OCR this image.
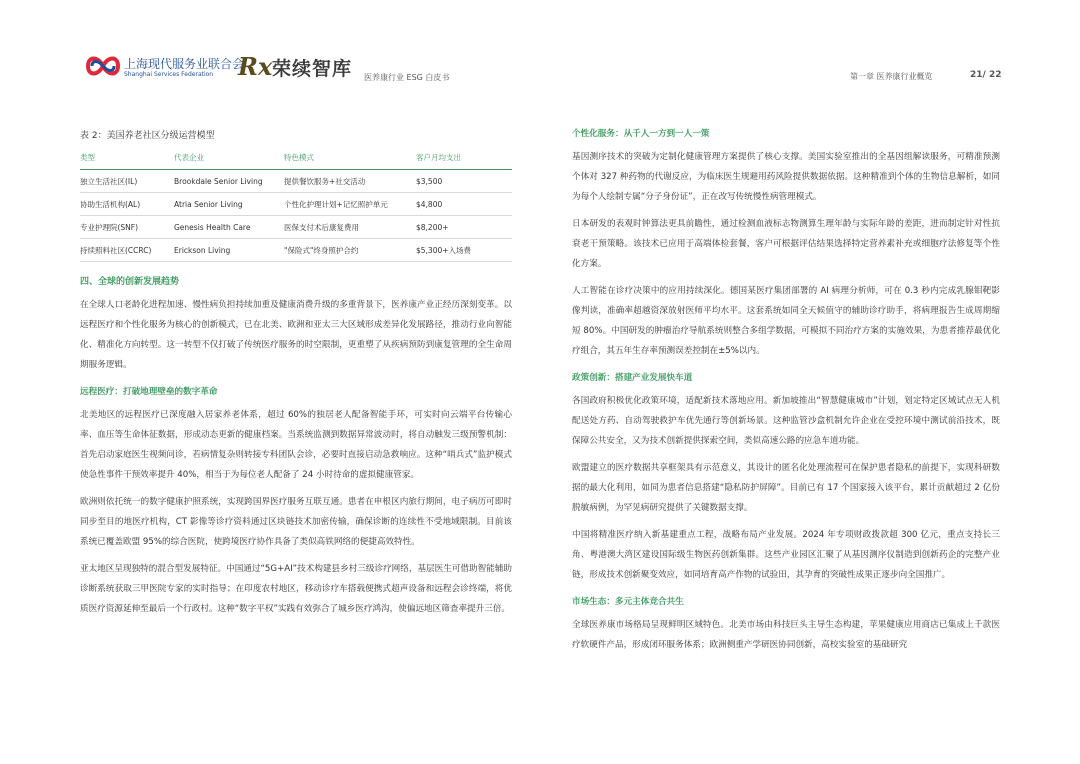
上海现代服务业联合会
Shanghai Services Federation Rx 荣续智库 医养康行业 ESG 白皮书	第一章 医养康行业概览	21/ 22
表 2：美国养老社区分级运营模型
类型	代表企业	特色模式	客户月均支出
独立生活社区(IL)	Brookdale Senior Living	提供餐饮服务+社交活动	$3,500
协助生活机构(AL)	Atria Senior Living	个性化护理计划+记忆照护单元	$4,800
专业护理院(SNF)	Genesis Health Care	医保支付术后康复费用	$8,200+
持续照料社区(CCRC)	Erickson Living	"保险式"终身照护合约	$5,300+入场费
四、全球的创新发展趋势

在全球人口老龄化进程加速、慢性病负担持续加重及健康消费升级的多重背景下，医养康产业正经历深刻变革。以远程医疗和个性化服务为核心的创新模式，已在北美、欧洲和亚太三大区域形成差异化发展路径，推动行业向智能化、精准化方向转型。这一转型不仅打破了传统医疗服务的时空限制，更重塑了从疾病预防到康复管理的全生命周期服务逻辑。

远程医疗：打破地理壁垒的数字革命

北美地区的远程医疗已深度融入居家养老体系，超过 60%的独居老人配备智能手环，可实时向云端平台传输心率、血压等生命体征数据，形成动态更新的健康档案。当系统监测到数据异常波动时，将自动触发三级预警机制：首先启动家庭医生视频问诊，若病情复杂则转接专科团队会诊，必要时直接启动急救响应。这种“哨兵式”监护模式使急性事件干预效率提升 40%，相当于为每位老人配备了 24 小时待命的虚拟健康管家。

欧洲则依托统一的数字健康护照系统，实现跨国界医疗服务互联互通。患者在申根区内旅行期间，电子病历可即时同步至目的地医疗机构，CT 影像等诊疗资料通过区块链技术加密传输，确保诊断的连续性不受地域限制。目前该系统已覆盖欧盟 95%的综合医院，使跨境医疗协作具备了类似高铁网络的便捷高效特性。

亚太地区呈现独特的混合型发展特征。中国通过“5G+AI”技术构建县乡村三级诊疗网络，基层医生可借助智能辅助诊断系统获取三甲医院专家的实时指导；在印度农村地区，移动诊疗车搭载便携式超声设备和远程会诊终端，将优质医疗资源延伸至最后一个行政村。这种“数字平权”实践有效弥合了城乡医疗鸿沟，使偏远地区筛查率提升三倍。

个性化服务：从千人一方到一人一策

基因测序技术的突破为定制化健康管理方案提供了核心支撑。美国实验室推出的全基因组解读服务，可精准预测个体对 327 种药物的代谢反应，为临床医生规避用药风险提供数据依据。这种精准到个体的生物信息解析，如同为每个人绘制专属“分子身份证”，正在改写传统慢性病管理模式。

日本研发的表观时钟算法更具前瞻性，通过检测血液标志物测算生理年龄与实际年龄的差距，进而制定针对性抗衰老干预策略。该技术已应用于高端体检套餐，客户可根据评估结果选择特定营养素补充或细胞疗法修复等个性化方案。

人工智能在诊疗决策中的应用持续深化。德国某医疗集团部署的 AI 病理分析师，可在 0.3 秒内完成乳腺钼靶影像判读，准确率超越资深放射医师平均水平。这套系统如同全天候值守的辅助诊疗助手，将病理报告生成周期缩短 80%。中国研发的肿瘤治疗导航系统则整合多组学数据，可模拟不同治疗方案的实施效果，为患者推荐最优化疗组合，其五年生存率预测误差控制在±5%以内。

政策创新：搭建产业发展快车道

各国政府积极优化政策环境，适配新技术落地应用。新加坡推出“智慧健康城市”计划，划定特定区域试点无人机配送处方药、自动驾驶救护车优先通行等创新场景。这种监管沙盒机制允许企业在受控环境中测试前沿技术，既保障公共安全，又为技术创新提供探索空间，类似高速公路的应急车道功能。

欧盟建立的医疗数据共享框架具有示范意义，其设计的匿名化处理流程可在保护患者隐私的前提下，实现科研数据的最大化利用，如同为患者信息搭建“隐私防护屏障”。目前已有 17 个国家接入该平台，累计贡献超过 2 亿份脱敏病例，为罕见病研究提供了关键数据支撑。

中国将精准医疗纳入新基建重点工程，战略布局产业发展。2024 年专项财政拨款超 300 亿元，重点支持长三角、粤港澳大湾区建设国际级生物医药创新集群。这些产业园区汇聚了从基因测序仪制造到创新药企的完整产业链，形成技术创新聚变效应，如同培育高产作物的试验田，其孕育的突破性成果正逐步向全国推广。

市场生态：多元主体竞合共生

全球医养康市场格局呈现鲜明区域特色。北美市场由科技巨头主导生态构建，苹果健康应用商店已集成上千款医疗软硬件产品，形成闭环服务体系；欧洲侧重产学研医协同创新，高校实验室的基础研究
